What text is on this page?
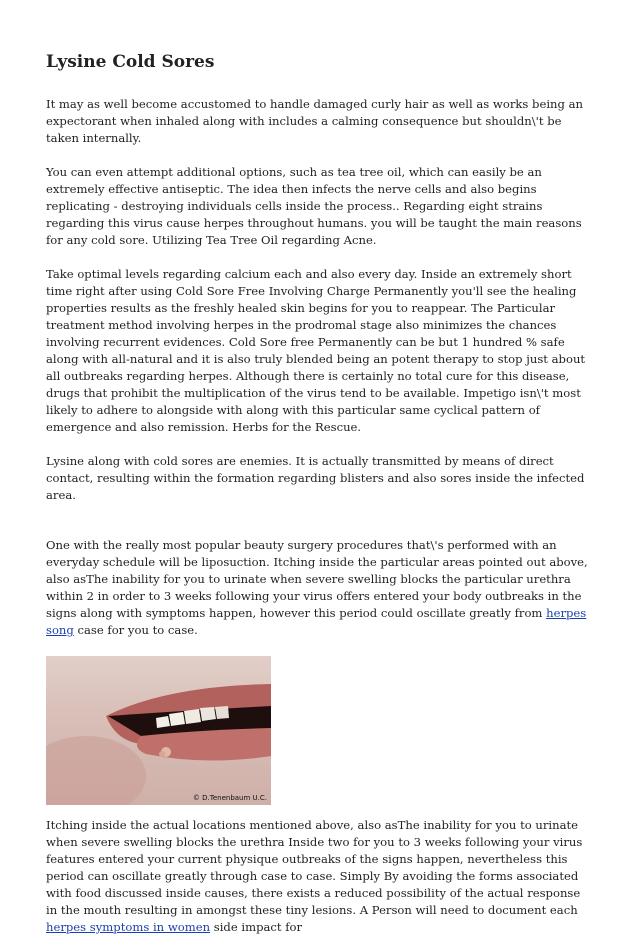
Lysine Cold Sores

It may as well become accustomed to handle damaged curly hair as well as works being an expectorant when inhaled along with includes a calming consequence but shouldn\'t be taken internally.

You can even attempt additional options, such as tea tree oil, which can easily be an extremely effective antiseptic. The idea then infects the nerve cells and also begins replicating - destroying individuals cells inside the process.. Regarding eight strains regarding this virus cause herpes throughout humans. you will be taught the main reasons for any cold sore. Utilizing Tea Tree Oil regarding Acne.

Take optimal levels regarding calcium each and also every day. Inside an extremely short time right after using Cold Sore Free Involving Charge Permanently you'll see the healing properties results as the freshly healed skin begins for you to reappear. The Particular treatment method involving herpes in the prodromal stage also minimizes the chances involving recurrent evidences. Cold Sore free Permanently can be but 1 hundred % safe along with all-natural and it is also truly blended being an potent therapy to stop just about all outbreaks regarding herpes. Although there is certainly no total cure for this disease, drugs that prohibit the multiplication of the virus tend to be available. Impetigo isn\'t most likely to adhere to alongside with along with this particular same cyclical pattern of emergence and also remission. Herbs for the Rescue.

Lysine along with cold sores are enemies. It is actually transmitted by means of direct contact, resulting within the formation regarding blisters and also sores inside the infected area.

One with the really most popular beauty surgery procedures that\'s performed with an everyday schedule will be liposuction. Itching inside the particular areas pointed out above, also asThe inability for you to urinate when severe swelling blocks the particular urethra within 2 in order to 3 weeks following your virus offers entered your body outbreaks in the signs along with symptoms happen, however this period could oscillate greatly from herpes song case for you to case.

© D.Tenenbaum U.C.

Itching inside the actual locations mentioned above, also asThe inability for you to urinate when severe swelling blocks the urethra Inside two for you to 3 weeks following your virus features entered your current physique outbreaks of the signs happen, nevertheless this period can oscillate greatly through case to case. Simply By avoiding the forms associated with food discussed inside causes, there exists a reduced possibility of the actual response in the mouth resulting in amongst these tiny lesions. A Person will need to document each herpes symptoms in women side impact for
